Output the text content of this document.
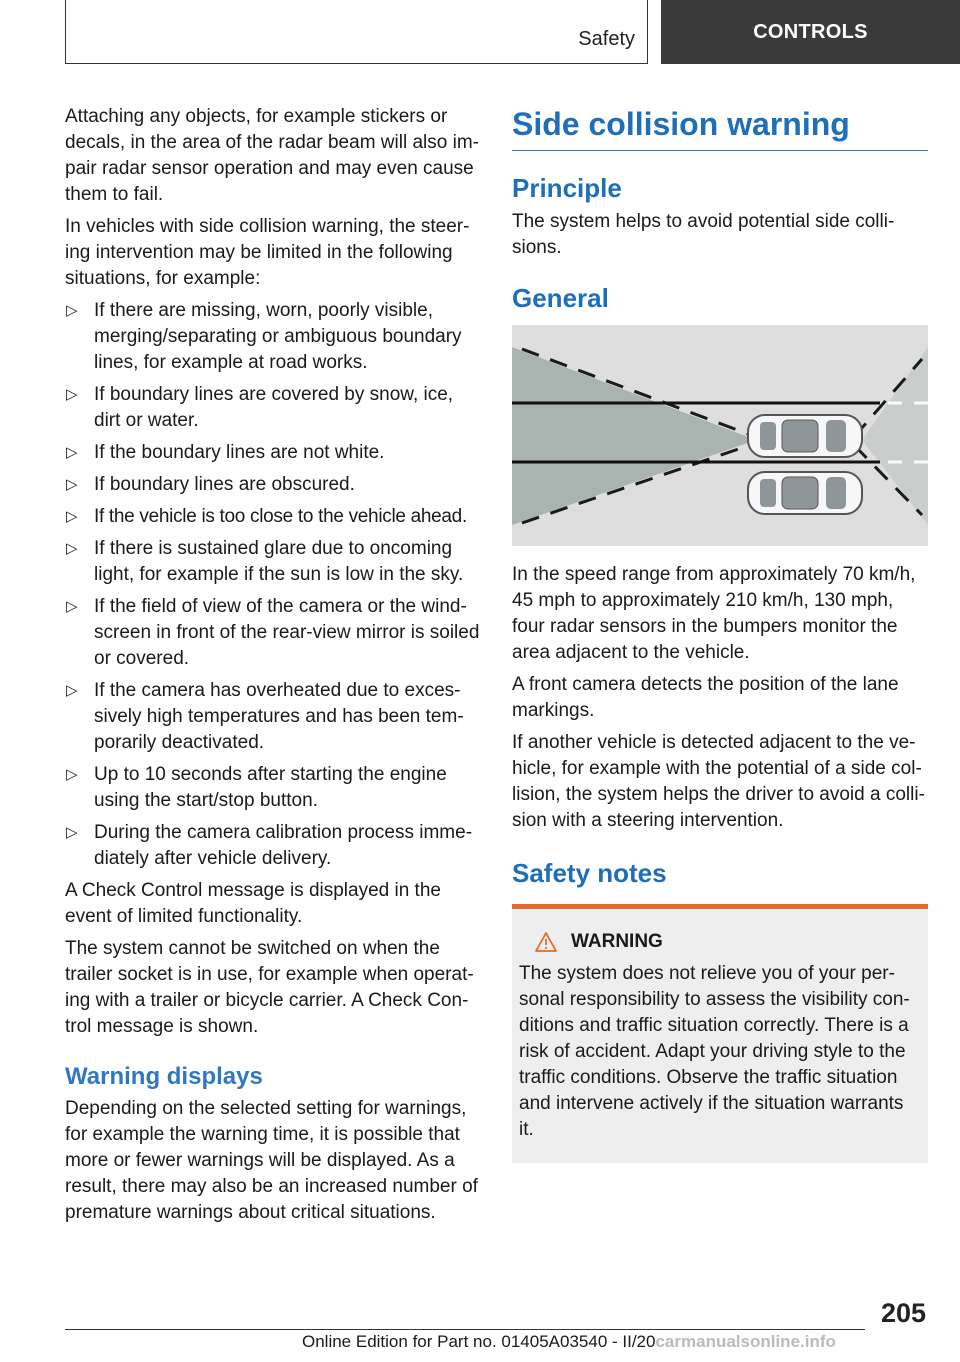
Safety	CONTROLS

Attaching any objects, for example stickers or decals, in the area of the radar beam will also impair radar sensor operation and may even cause them to fail.

In vehicles with side collision warning, the steering intervention may be limited in the following situations, for example:

▷ If there are missing, worn, poorly visible, merging/separating or ambiguous boundary lines, for example at road works.
▷ If boundary lines are covered by snow, ice, dirt or water.
▷ If the boundary lines are not white.
▷ If boundary lines are obscured.
▷ If the vehicle is too close to the vehicle ahead.
▷ If there is sustained glare due to oncoming light, for example if the sun is low in the sky.
▷ If the field of view of the camera or the windscreen in front of the rear-view mirror is soiled or covered.
▷ If the camera has overheated due to excessively high temperatures and has been temporarily deactivated.
▷ Up to 10 seconds after starting the engine using the start/stop button.
▷ During the camera calibration process immediately after vehicle delivery.

A Check Control message is displayed in the event of limited functionality.

The system cannot be switched on when the trailer socket is in use, for example when operating with a trailer or bicycle carrier. A Check Control message is shown.

Warning displays

Depending on the selected setting for warnings, for example the warning time, it is possible that more or fewer warnings will be displayed. As a result, there may also be an increased number of premature warnings about critical situations.

Side collision warning
Principle

The system helps to avoid potential side collisions.

General

In the speed range from approximately 70 km/h, 45 mph to approximately 210 km/h, 130 mph, four radar sensors in the bumpers monitor the area adjacent to the vehicle.

A front camera detects the position of the lane markings.

If another vehicle is detected adjacent to the vehicle, for example with the potential of a side collision, the system helps the driver to avoid a collision with a steering intervention.

Safety notes
WARNING

The system does not relieve you of your personal responsibility to assess the visibility conditions and traffic situation correctly. There is a risk of accident. Adapt your driving style to the traffic conditions. Observe the traffic situation and intervene actively if the situation warrants it.

205
Online Edition for Part no. 01405A03540 - II/20carmanualsonline.info
